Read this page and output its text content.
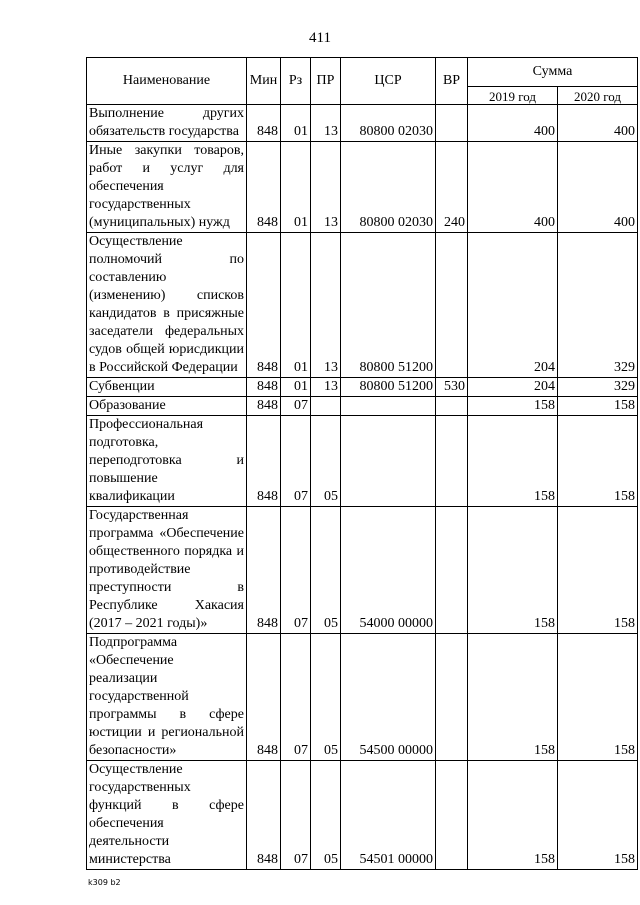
411
Наименование	Мин	Рз	ПР	ЦСР	ВР	Сумма	
						2019 год	2020 год
Выполнение других обязательств государства	848	01	13	80800 02030		400	400
Иные закупки товаров, работ и услуг для обеспечения государственных (муниципальных) нужд	848	01	13	80800 02030	240	400	400
Осуществление полномочий по составлению (изменению) списков кандидатов в присяжные заседатели федеральных судов общей юрисдикции в Российской Федерации	848	01	13	80800 51200		204	329
Субвенции	848	01	13	80800 51200	530	204	329
Образование	848	07				158	158
Профессиональная подготовка, переподготовка и повышение квалификации	848	07	05			158	158
Государственная программа «Обеспечение общественного порядка и противодействие преступности в Республике Хакасия (2017 – 2021 годы)»	848	07	05	54000 00000		158	158
Подпрограмма «Обеспечение реализации государственной программы в сфере юстиции и региональной безопасности»	848	07	05	54500 00000		158	158
Осуществление государственных функций в сфере обеспечения деятельности министерства	848	07	05	54501 00000		158	158
k309 b2
